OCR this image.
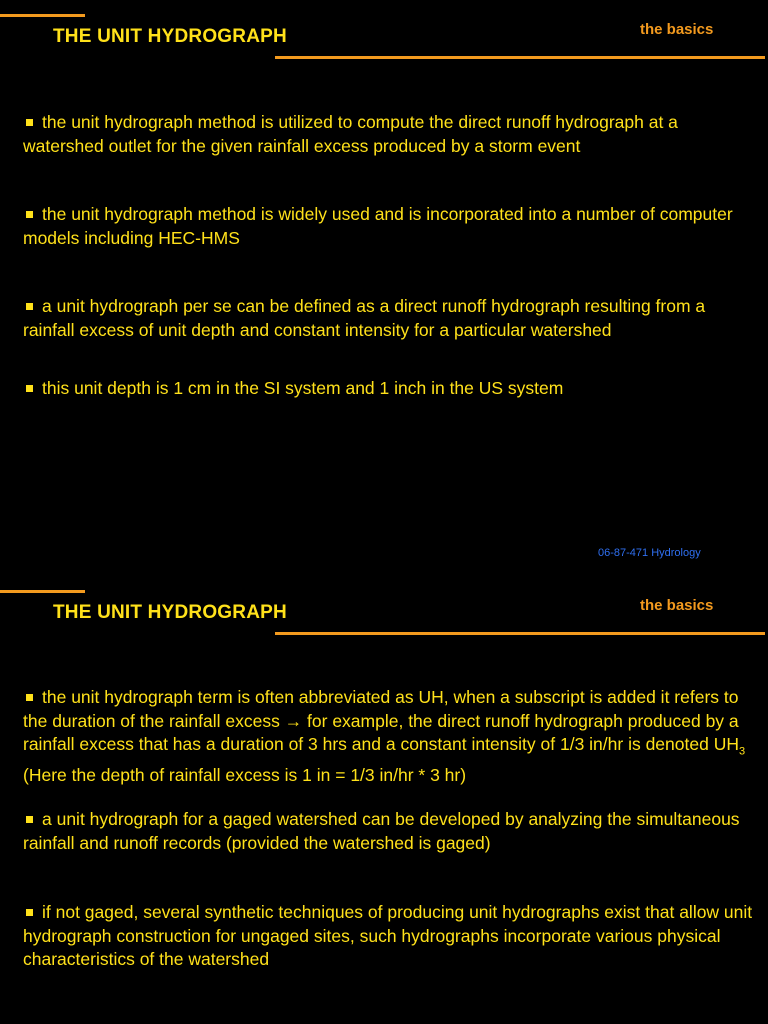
THE UNIT HYDROGRAPH	the basics
the unit hydrograph method is utilized to compute the direct runoff hydrograph at a watershed outlet for the given rainfall excess produced by a storm event
the unit hydrograph method is widely used and is incorporated into a number of computer models including HEC-HMS
a unit hydrograph per se can be defined as a direct runoff hydrograph resulting from a rainfall excess of unit depth and constant intensity for a particular watershed
this unit depth is 1 cm in the SI system and 1 inch in the US system
06-87-471 Hydrology
THE UNIT HYDROGRAPH	the basics
the unit hydrograph term is often abbreviated as UH, when a subscript is added it refers to the duration of the rainfall excess → for example, the direct runoff hydrograph produced by a rainfall excess that has a duration of 3 hrs and a constant intensity of 1/3 in/hr is denoted $UH_3$  (Here the depth of rainfall excess is 1 in = 1/3 in/hr * 3 hr)
a unit hydrograph for a gaged watershed can be developed by analyzing the simultaneous rainfall and runoff records (provided the watershed is gaged)
if not gaged, several synthetic techniques of producing unit hydrographs exist that allow unit hydrograph construction for ungaged sites, such hydrographs incorporate various physical characteristics of the watershed
